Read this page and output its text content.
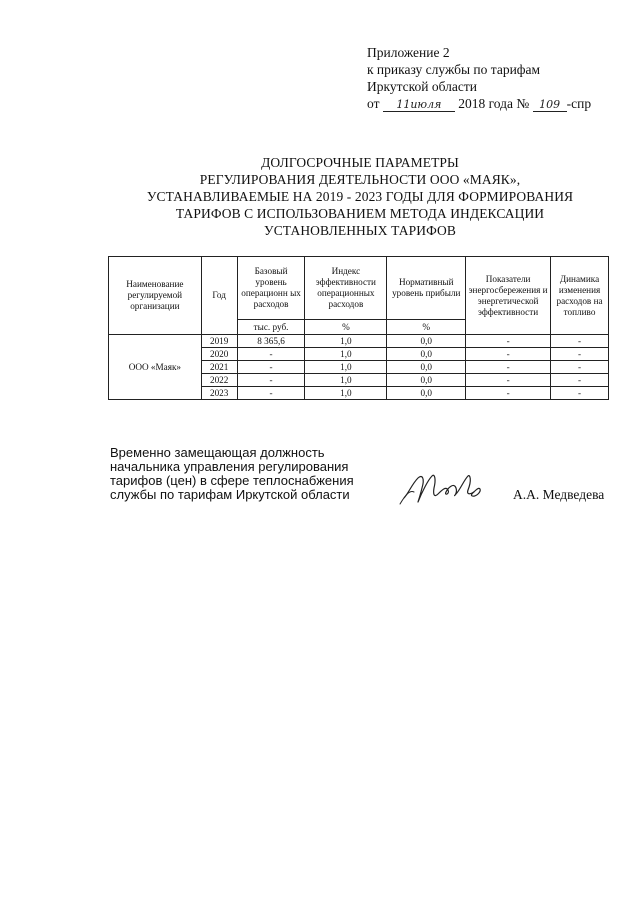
Приложение 2
к приказу службы по тарифам
Иркутской области
от 11июля 2018 года № 109 -спр
ДОЛГОСРОЧНЫЕ ПАРАМЕТРЫ
РЕГУЛИРОВАНИЯ ДЕЯТЕЛЬНОСТИ ООО «МАЯК»,
УСТАНАВЛИВАЕМЫЕ НА 2019 - 2023 ГОДЫ ДЛЯ ФОРМИРОВАНИЯ
ТАРИФОВ С ИСПОЛЬЗОВАНИЕМ МЕТОДА ИНДЕКСАЦИИ
УСТАНОВЛЕННЫХ ТАРИФОВ
Наименование регулируемой организации	Год	Базовый уровень операционн ых расходов	Индекс эффективности операционных расходов	Нормативный уровень прибыли	Показатели энергосбережения и энергетической эффективности	Динамика изменения расходов на топливо
		тыс. руб.	%	%		
ООО «Маяк»	2019	8 365,6	1,0	0,0	-	-
	2020	-	1,0	0,0	-	-
	2021	-	1,0	0,0	-	-
	2022	-	1,0	0,0	-	-
	2023	-	1,0	0,0	-	-
Временно замещающая должность
начальника управления регулирования
тарифов (цен) в сфере теплоснабжения
службы по тарифам Иркутской области	А.А. Медведева
